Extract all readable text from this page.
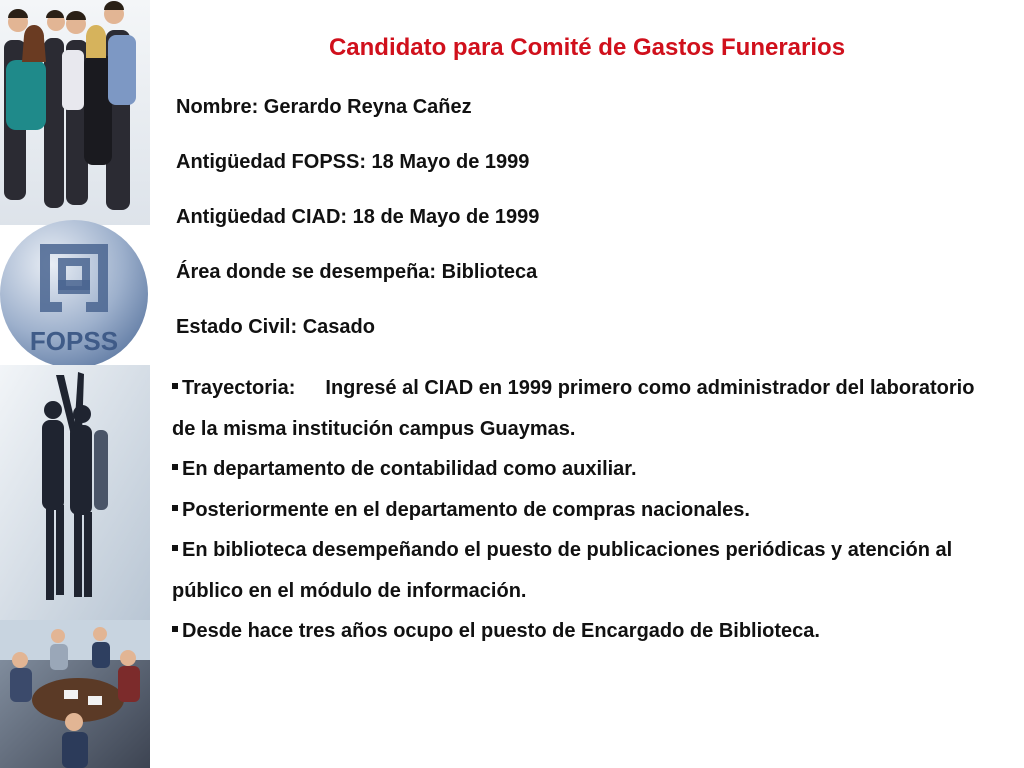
FOPSS
Candidato para Comité de Gastos Funerarios
Nombre: Gerardo Reyna Cañez
Antigüedad FOPSS: 18 Mayo de 1999
Antigüedad CIAD: 18 de Mayo de 1999
Área donde se desempeña: Biblioteca
Estado Civil: Casado

Trayectoria: Ingresé al CIAD en 1999 primero como administrador del laboratorio de la misma institución campus Guaymas.

En departamento de contabilidad como auxiliar.

Posteriormente en el departamento de compras nacionales.

En biblioteca desempeñando el puesto de publicaciones periódicas y atención al público en el módulo de información.

Desde hace tres años ocupo el puesto de Encargado de Biblioteca.
